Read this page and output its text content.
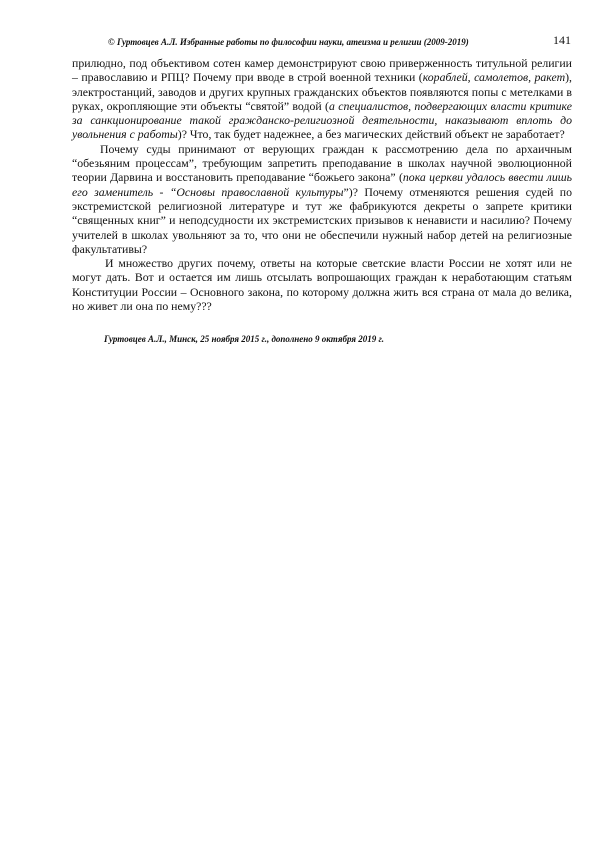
© Гуртовцев А.Л. Избранные работы по философии науки, атеизма и религии (2009-2019)	141

прилюдно, под объективом сотен камер демонстрируют свою приверженность титульной религии – православию и РПЦ? Почему при вводе в строй военной техники (кораблей, самолетов, ракет), электростанций, заводов и других крупных гражданских объектов появляются попы с метелками в руках, окропляющие эти объекты “святой” водой (а специалистов, подвергающих власти критике за санкционирование такой гражданско-религиозной деятельности, наказывают вплоть до увольнения с работы)? Что, так будет надежнее, а без магических действий объект не заработает?

Почему суды принимают от верующих граждан к рассмотрению дела по архаичным “обезьяним процессам”, требующим запретить преподавание в школах научной эволюционной теории Дарвина и восстановить преподавание “божьего закона” (пока церкви удалось ввести лишь его заменитель - “Основы православной культуры”)? Почему отменяются решения судей по экстремистской религиозной литературе и тут же фабрикуются декреты о запрете критики “священных книг” и неподсудности их экстремистских призывов к ненависти и насилию? Почему учителей в школах увольняют за то, что они не обеспечили нужный набор детей на религиозные факультативы?

И множество других почему, ответы на которые светские власти России не хотят или не могут дать. Вот и остается им лишь отсылать вопрошающих граждан к неработающим статьям Конституции России – Основного закона, по которому должна жить вся страна от мала до велика, но живет ли она по нему???

Гуртовцев А.Л., Минск, 25 ноября 2015 г., дополнено 9 октября 2019 г.
